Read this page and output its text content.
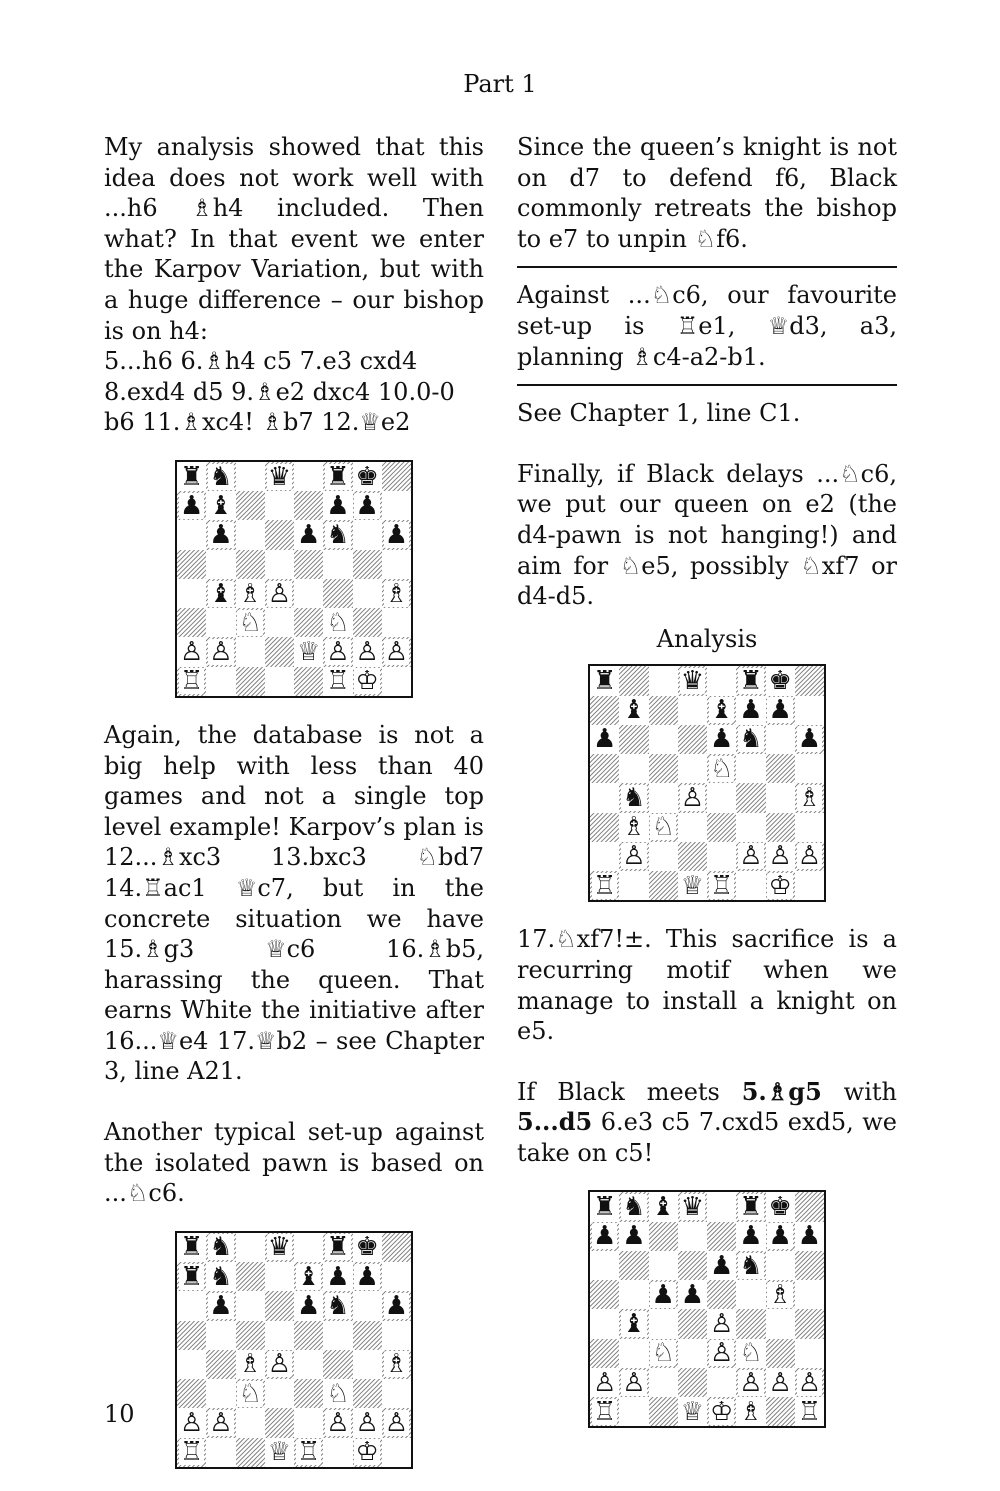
Part 1

My analysis showed that this idea does not work well with ...h6 ♗h4 included. Then what? In that event we enter the Karpov Variation, but with a huge difference – our bishop is on h4:

5...h6 6.♗h4 c5 7.e3 cxd4 8.exd4 d5 9.♗e2 dxc4 10.0-0 b6 11.♗xc4! ♗b7 12.♕e2

♜ ♞ ♛ ♜ ♚
♟ ♝	♟ ♟
♟ ♟ ♞ ♟
♝ ♗ ♙	♗
♘ ♘
♙ ♙ ♕ ♙ ♙ ♙
♖	♖ ♔

Again, the database is not a big help with less than 40 games and not a single top level example! Karpov’s plan is 12...♗xc3 13.bxc3 ♘bd7 14.♖ac1 ♕c7, but in the concrete situation we have 15.♗g3 ♕c6 16.♗b5, harassing the queen. That earns White the initiative after 16...♕e4 17.♕b2 – see Chapter 3, line A21.

Another typical set-up against the isolated pawn is based on ...♘c6.

♜ ♞ ♛ ♜ ♚
♜ ♞ ♝ ♟ ♟
♟ ♟ ♞ ♟
♗ ♙	♗
♘ ♘
♙ ♙	♙ ♙ ♙
♖ ♕ ♖ ♔

Since the queen’s knight is not on d7 to defend f6, Black commonly retreats the bishop to e7 to unpin ♘f6.

Against ...♘c6, our favourite set-up is ♖e1, ♕d3, a3, planning ♗c4-a2-b1.

See Chapter 1, line C1.

Finally, if Black delays ...♘c6, we put our queen on e2 (the d4-pawn is not hanging!) and aim for ♘e5, possibly ♘xf7 or d4-d5.

Analysis
♜ ♛ ♜ ♚
♝ ♝ ♟ ♟
♟	♟ ♞ ♟
♘
♞ ♙	♗
♗ ♘
♙	♙ ♙ ♙
♖ ♕ ♖ ♔

17.♘xf7!±. This sacrifice is a recurring motif when we manage to install a knight on e5.

If Black meets 5.♗g5 with 5...d5 6.e3 c5 7.cxd5 exd5, we take on c5!

♜ ♞ ♝ ♛ ♜ ♚
♟ ♟	♟ ♟ ♟
♟ ♞
♟ ♟ ♗
♝ ♙
♘ ♙ ♘
♙ ♙	♙ ♙ ♙
♖ ♕ ♔ ♗ ♖
10
